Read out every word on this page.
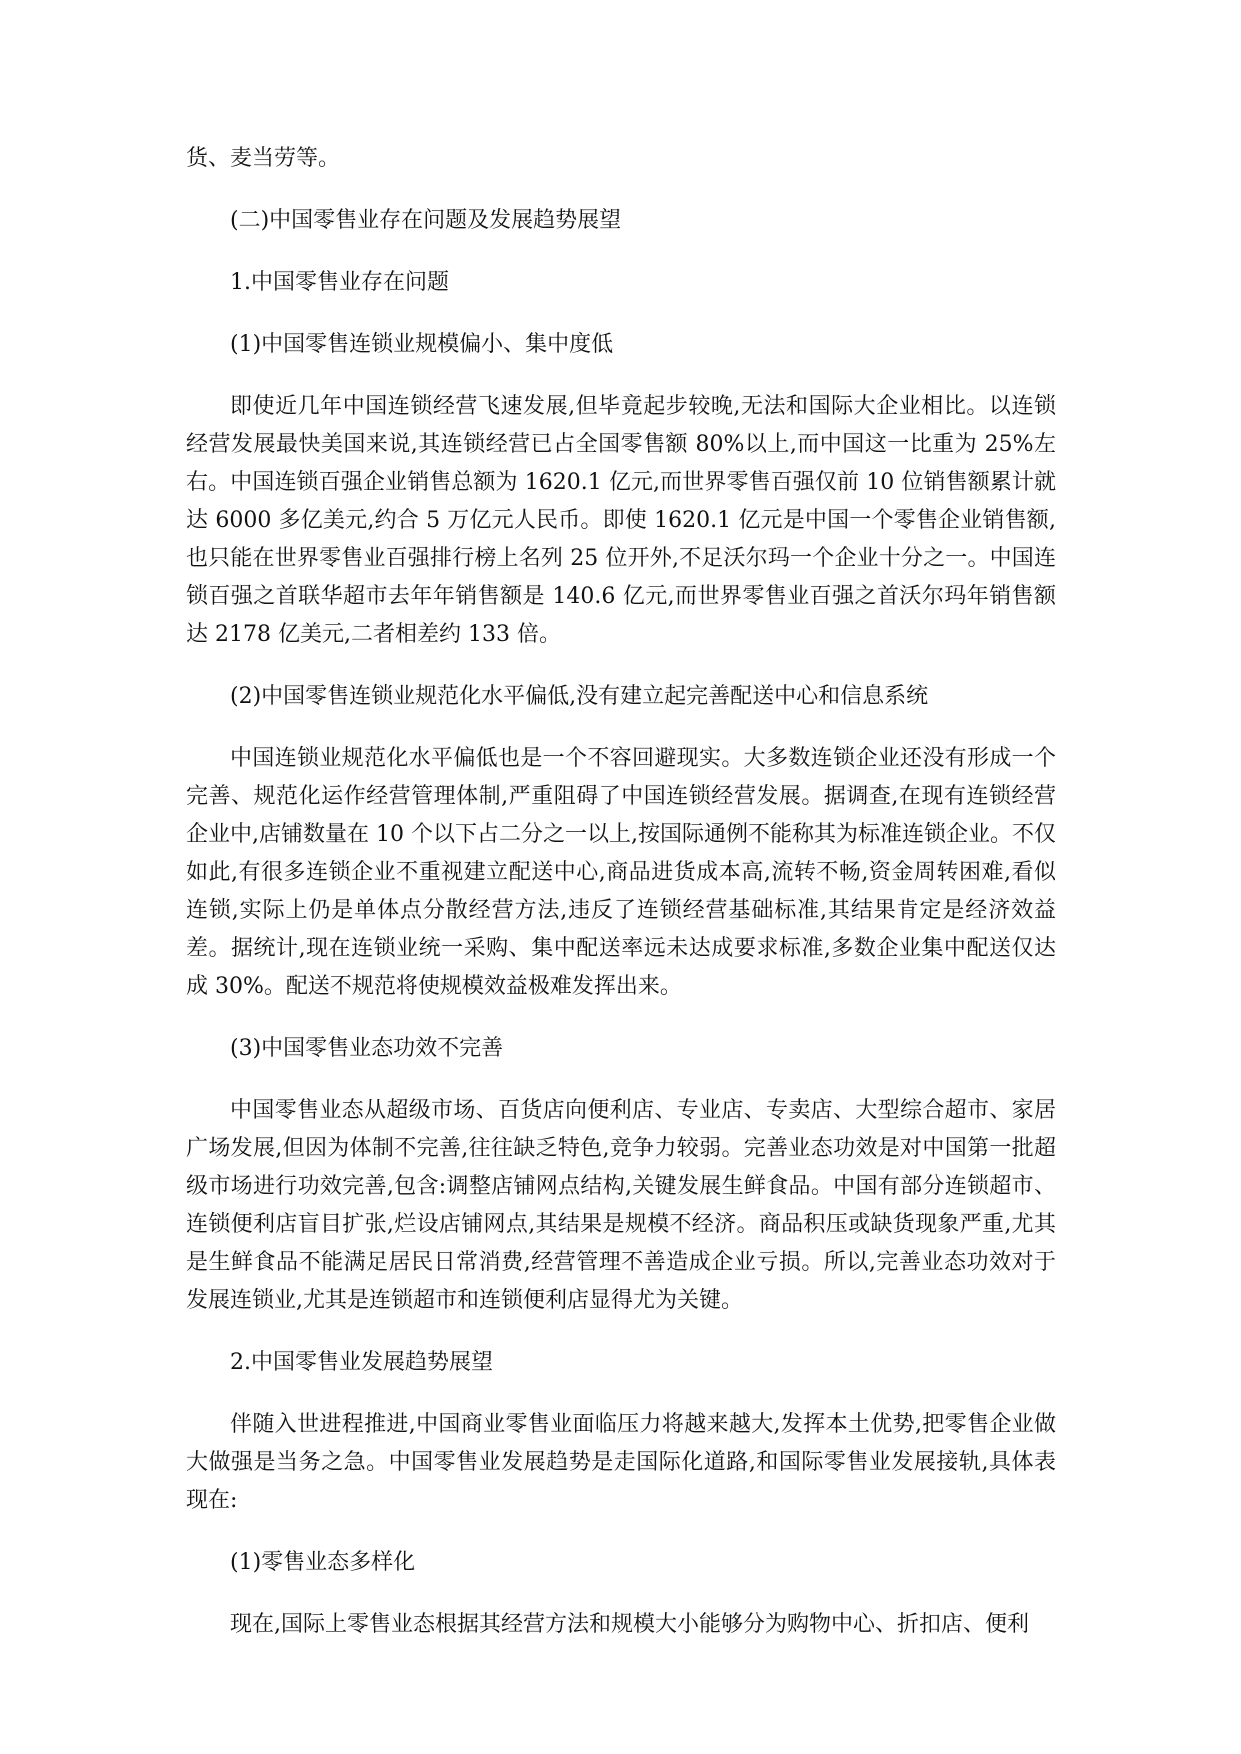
货、麦当劳等。

(二)中国零售业存在问题及发展趋势展望

1.中国零售业存在问题

(1)中国零售连锁业规模偏小、集中度低

即使近几年中国连锁经营飞速发展,但毕竟起步较晚,无法和国际大企业相比。以连锁经营发展最快美国来说,其连锁经营已占全国零售额 80%以上,而中国这一比重为 25%左右。中国连锁百强企业销售总额为 1620.1 亿元,而世界零售百强仅前 10 位销售额累计就达 6000 多亿美元,约合 5 万亿元人民币。即使 1620.1 亿元是中国一个零售企业销售额,也只能在世界零售业百强排行榜上名列 25 位开外,不足沃尔玛一个企业十分之一。中国连锁百强之首联华超市去年年销售额是 140.6 亿元,而世界零售业百强之首沃尔玛年销售额达 2178 亿美元,二者相差约 133 倍。

(2)中国零售连锁业规范化水平偏低,没有建立起完善配送中心和信息系统

中国连锁业规范化水平偏低也是一个不容回避现实。大多数连锁企业还没有形成一个完善、规范化运作经营管理体制,严重阻碍了中国连锁经营发展。据调查,在现有连锁经营企业中,店铺数量在 10 个以下占二分之一以上,按国际通例不能称其为标准连锁企业。不仅如此,有很多连锁企业不重视建立配送中心,商品进货成本高,流转不畅,资金周转困难,看似连锁,实际上仍是单体点分散经营方法,违反了连锁经营基础标准,其结果肯定是经济效益差。据统计,现在连锁业统一采购、集中配送率远未达成要求标准,多数企业集中配送仅达成 30%。配送不规范将使规模效益极难发挥出来。

(3)中国零售业态功效不完善

中国零售业态从超级市场、百货店向便利店、专业店、专卖店、大型综合超市、家居广场发展,但因为体制不完善,往往缺乏特色,竞争力较弱。完善业态功效是对中国第一批超级市场进行功效完善,包含:调整店铺网点结构,关键发展生鲜食品。中国有部分连锁超市、连锁便利店盲目扩张,烂设店铺网点,其结果是规模不经济。商品积压或缺货现象严重,尤其是生鲜食品不能满足居民日常消费,经营管理不善造成企业亏损。所以,完善业态功效对于发展连锁业,尤其是连锁超市和连锁便利店显得尤为关键。

2.中国零售业发展趋势展望

伴随入世进程推进,中国商业零售业面临压力将越来越大,发挥本土优势,把零售企业做大做强是当务之急。中国零售业发展趋势是走国际化道路,和国际零售业发展接轨,具体表现在:

(1)零售业态多样化

现在,国际上零售业态根据其经营方法和规模大小能够分为购物中心、折扣店、便利
